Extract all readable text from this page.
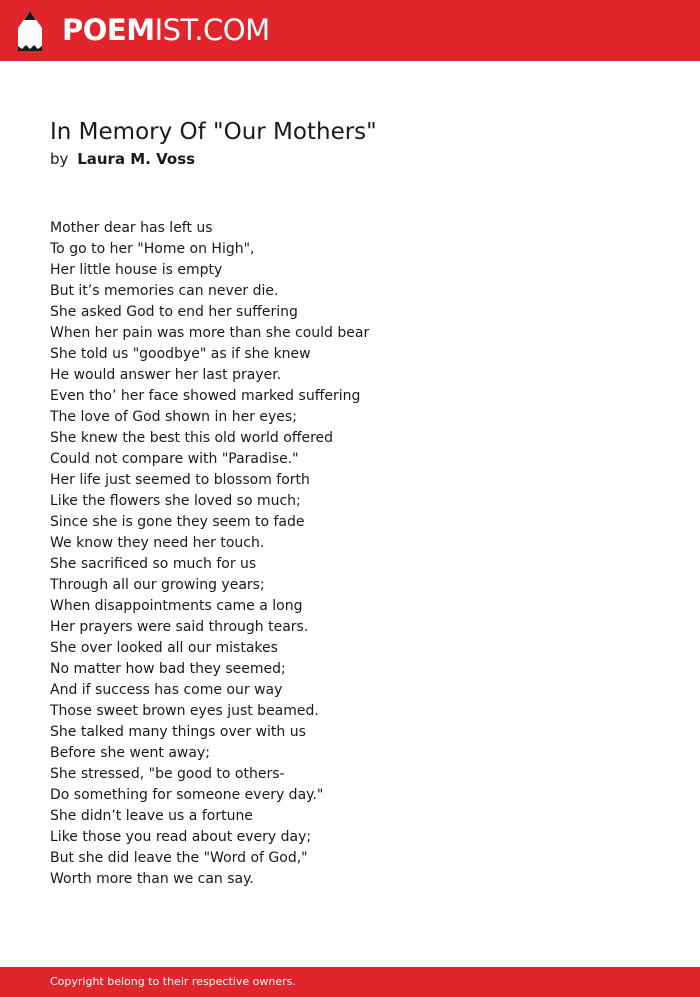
POEMIST.COM
In Memory Of "Our Mothers"
by Laura M. Voss
Mother dear has left us
To go to her "Home on High",
Her little house is empty
But it’s memories can never die.
She asked God to end her suffering
When her pain was more than she could bear
She told us "goodbye" as if she knew
He would answer her last prayer.
Even tho’ her face showed marked suffering
The love of God shown in her eyes;
She knew the best this old world offered
Could not compare with "Paradise."
Her life just seemed to blossom forth
Like the flowers she loved so much;
Since she is gone they seem to fade
We know they need her touch.
She sacrificed so much for us
Through all our growing years;
When disappointments came a long
Her prayers were said through tears.
She over looked all our mistakes
No matter how bad they seemed;
And if success has come our way
Those sweet brown eyes just beamed.
She talked many things over with us
Before she went away;
She stressed, "be good to others-
Do something for someone every day."
She didn’t leave us a fortune
Like those you read about every day;
But she did leave the "Word of God,"
Worth more than we can say.
Copyright belong to their respective owners.
